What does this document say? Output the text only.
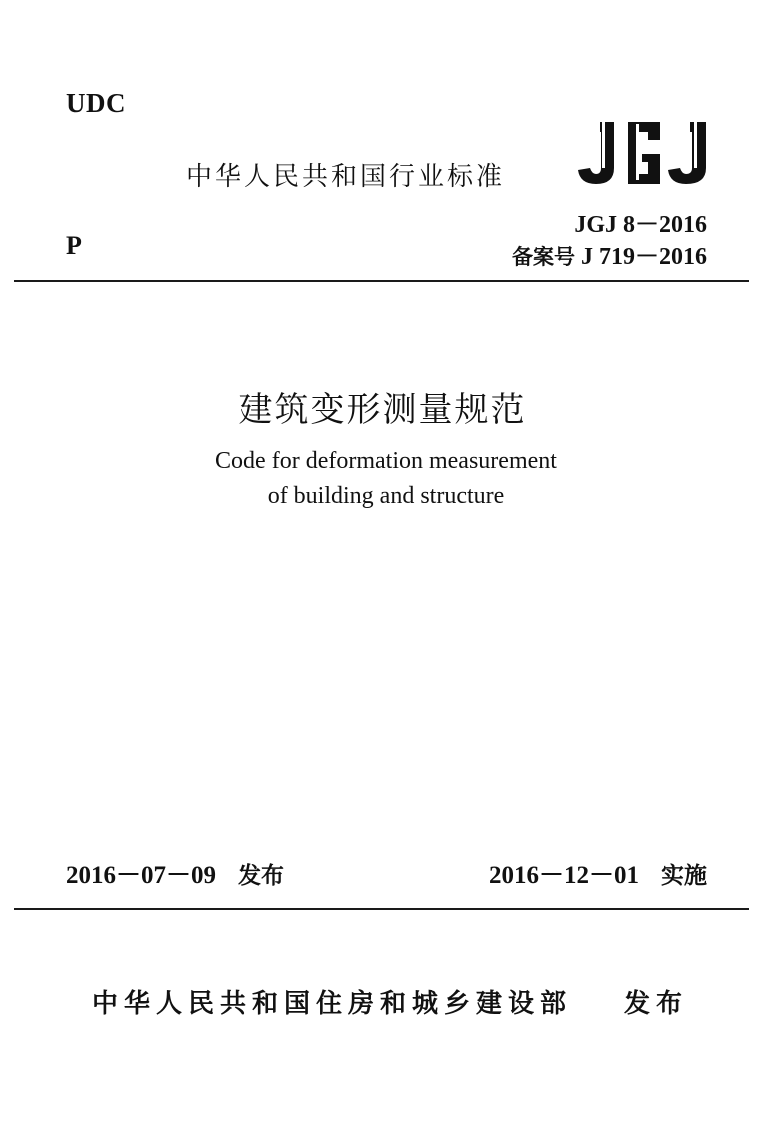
UDC
中华人民共和国行业标准
P
JGJ 8－2016
备案号 J 719－2016
建筑变形测量规范
Code for deformation measurement
of building and structure
2016－07－09 发布	2016－12－01 实施
中华人民共和国住房和城乡建设部 发布
